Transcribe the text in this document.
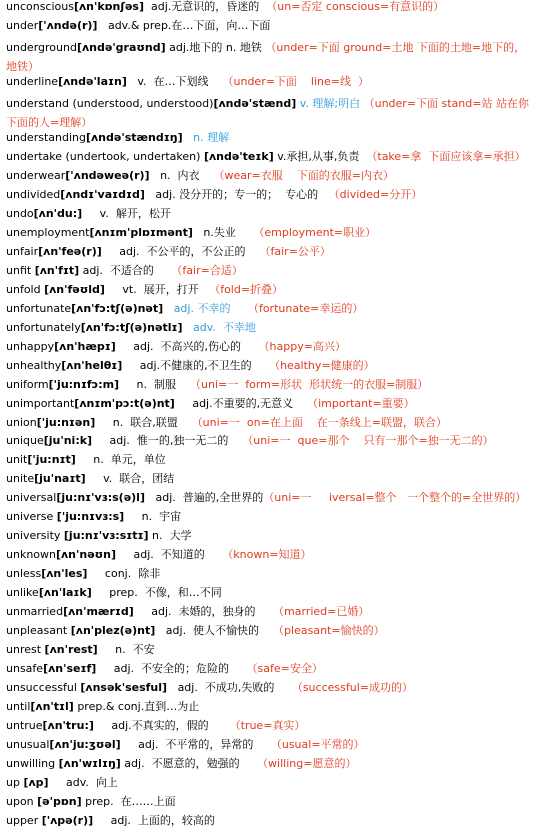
unconscious[ʌn'kɒnʃəs]  adj.无意识的，昏迷的  （un=否定 conscious=有意识的）
under['ʌndə(r)]   adv.& prep.在…下面，向…下面
underground[ʌndə'graʊnd] adj.地下的 n. 地铁 （under=下面 ground=土地 下面的土地=地下的，地铁）
underline[ʌndə'laɪn]   v.  在…下划线    （under=下面    line=线  ）
understand (understood, understood)[ʌndə'stænd] v. 理解;明白 （under=下面 stand=站 站在你下面的人=理解）
understanding[ʌndə'stændɪŋ] n. 理解
undertake (undertook, undertaken) [ʌndə'teɪk] v.承担,从事,负责  （take=拿  下面应该拿=承担）
underwear['ʌndəweə(r)]   n.  内衣    （wear=衣服    下面的衣服=内衣）
undivided[ʌndɪ'vaɪdɪd]   adj. 没分开的；专一的；  专心的   （divided=分开）
undo[ʌn'du:]     v.  解开，松开
unemployment[ʌnɪm'plɒɪmənt]   n.失业     （employment=职业）
unfair[ʌn'feə(r)]     adj.  不公平的，不公正的    （fair=公平）
unfit [ʌn'fɪt] adj.  不适合的     （fair=合适）
unfold [ʌn'fəʊld]     vt.  展开，打开   （fold=折叠）
unfortunate[ʌn'fɔ:tʃ(ə)nət] adj. 不幸的     （fortunate=幸运的）
unfortunately[ʌn'fɔ:tʃ(ə)nətlɪ] adv.  不幸地
unhappy[ʌn'hæpɪ]     adj.  不高兴的,伤心的     （happy=高兴）
unhealthy[ʌn'helθɪ]     adj.不健康的,不卫生的     （healthy=健康的）
uniform['ju:nɪfɔ:m]     n.  制服    （uni=一  form=形状  形状统一的衣服=制服）
unimportant[ʌnɪm'pɔ:t(ə)nt]     adj.不重要的,无意义    （important=重要）
union['ju:nɪən]     n.  联合,联盟    （uni=一  on=在上面    在一条线上=联盟，联合）
unique[ju'ni:k]     adj.  惟一的,独一无二的    （uni=一  que=那个    只有一那个=独一无二的）
unit['ju:nɪt]     n.  单元，单位
unite[ju'naɪt]     v.  联合，团结
universal[ju:nɪ'vɜ:s(ə)l]   adj.  普遍的,全世界的（uni=一     iversal=整个   一个整个的=全世界的）
universe ['ju:nɪvɜ:s]     n.  宇宙
university [ju:nɪ'vɜ:sɪtɪ] n.  大学
unknown[ʌn'nəʊn]     adj.  不知道的     （known=知道）
unless[ʌn'les]     conj.  除非
unlike[ʌn'laɪk]     prep.  不像，和…不同
unmarried[ʌn'mærɪd]     adj.  未婚的，独身的     （married=已婚）
unpleasant [ʌn'plez(ə)nt]   adj.  使人不愉快的    （pleasant=愉快的）
unrest [ʌn'rest]     n.  不安
unsafe[ʌn'seɪf]     adj.  不安全的；危险的     （safe=安全）
unsuccessful [ʌnsək'sesful]   adj.  不成功,失败的     （successful=成功的）
until[ʌn'tɪl] prep.& conj.直到…为止
untrue[ʌn'tru:]     adj.不真实的，假的      （true=真实）
unusual[ʌn'ju:ʒʊəl]     adj.  不平常的，异常的     （usual=平常的）
unwilling [ʌn'wɪlɪŋ] adj.  不愿意的，勉强的     （willing=愿意的）
up [ʌp]     adv.  向上
upon [ə'pɒn] prep.  在……上面
upper ['ʌpə(r)]     adj.  上面的，较高的
